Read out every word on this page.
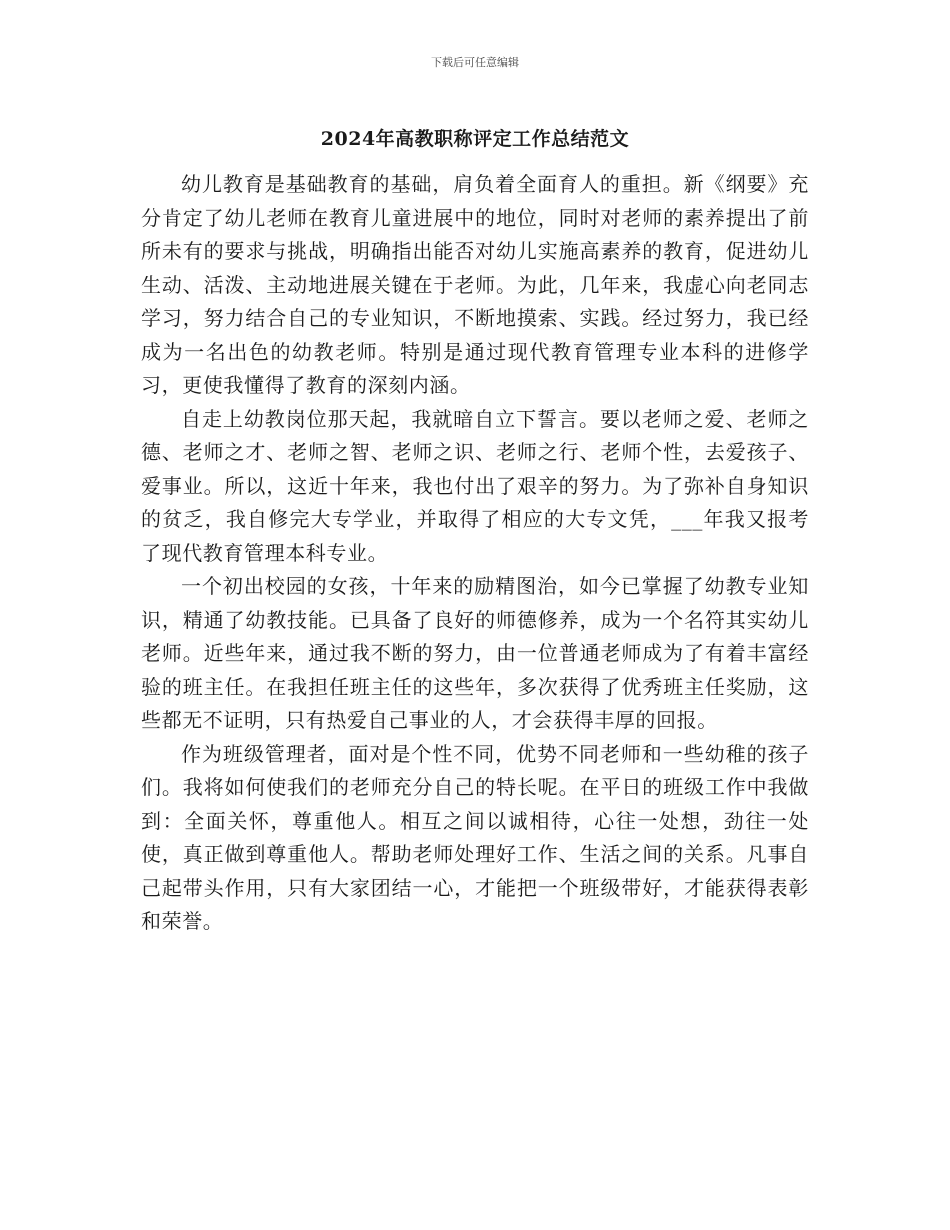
下载后可任意编辑
2024年高教职称评定工作总结范文

幼儿教育是基础教育的基础，肩负着全面育人的重担。新《纲要》充分肯定了幼儿老师在教育儿童进展中的地位，同时对老师的素养提出了前所未有的要求与挑战，明确指出能否对幼儿实施高素养的教育，促进幼儿生动、活泼、主动地进展关键在于老师。为此，几年来，我虚心向老同志学习，努力结合自己的专业知识，不断地摸索、实践。经过努力，我已经成为一名出色的幼教老师。特别是通过现代教育管理专业本科的进修学习，更使我懂得了教育的深刻内涵。

自走上幼教岗位那天起，我就暗自立下誓言。要以老师之爱、老师之德、老师之才、老师之智、老师之识、老师之行、老师个性，去爱孩子、爱事业。所以，这近十年来，我也付出了艰辛的努力。为了弥补自身知识的贫乏，我自修完大专学业，并取得了相应的大专文凭，___年我又报考了现代教育管理本科专业。

一个初出校园的女孩，十年来的励精图治，如今已掌握了幼教专业知识，精通了幼教技能。已具备了良好的师德修养，成为一个名符其实幼儿老师。近些年来，通过我不断的努力，由一位普通老师成为了有着丰富经验的班主任。在我担任班主任的这些年，多次获得了优秀班主任奖励，这些都无不证明，只有热爱自己事业的人，才会获得丰厚的回报。

作为班级管理者，面对是个性不同，优势不同老师和一些幼稚的孩子们。我将如何使我们的老师充分自己的特长呢。在平日的班级工作中我做到：全面关怀，尊重他人。相互之间以诚相待，心往一处想，劲往一处使，真正做到尊重他人。帮助老师处理好工作、生活之间的关系。凡事自己起带头作用，只有大家团结一心，才能把一个班级带好，才能获得表彰和荣誉。
